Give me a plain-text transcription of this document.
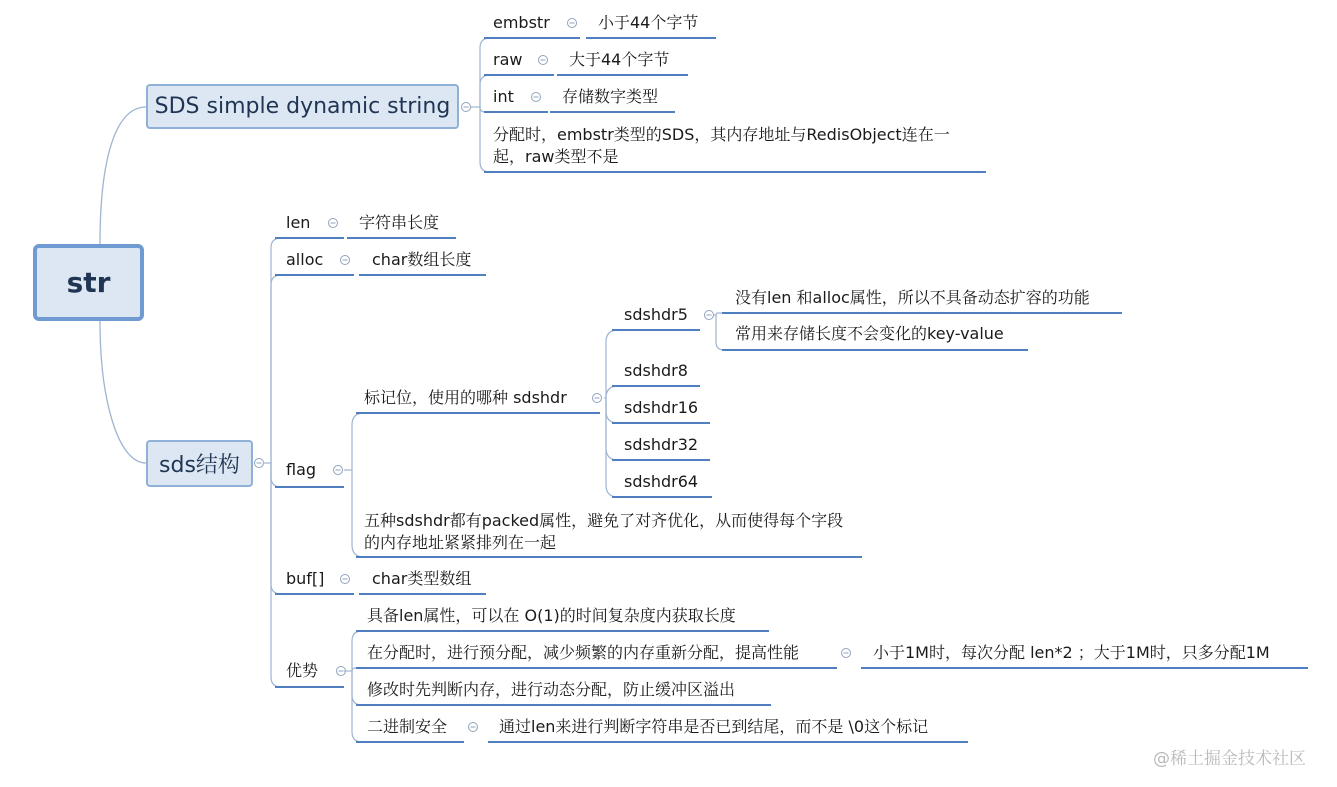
str
SDS simple dynamic string
sds结构
embstr	小于44个字节
raw	大于44个字节
int	存储数字类型
分配时，embstr类型的SDS，其内存地址与RedisObject连在一起，raw类型不是
len	字符串长度
alloc	char数组长度
flag
标记位，使用的哪种 sdshdr
sdshdr5
没有len 和alloc属性，所以不具备动态扩容的功能
常用来存储长度不会变化的key-value
sdshdr8
sdshdr16
sdshdr32
sdshdr64
五种sdshdr都有packed属性，避免了对齐优化，从而使得每个字段的内存地址紧紧排列在一起
buf[]	char类型数组
优势
具备len属性，可以在 O(1)的时间复杂度内获取长度
在分配时，进行预分配，减少频繁的内存重新分配，提高性能	小于1M时，每次分配 len*2 ；大于1M时，只多分配1M
修改时先判断内存，进行动态分配，防止缓冲区溢出
二进制安全	通过len来进行判断字符串是否已到结尾，而不是 \0这个标记
@稀土掘金技术社区
